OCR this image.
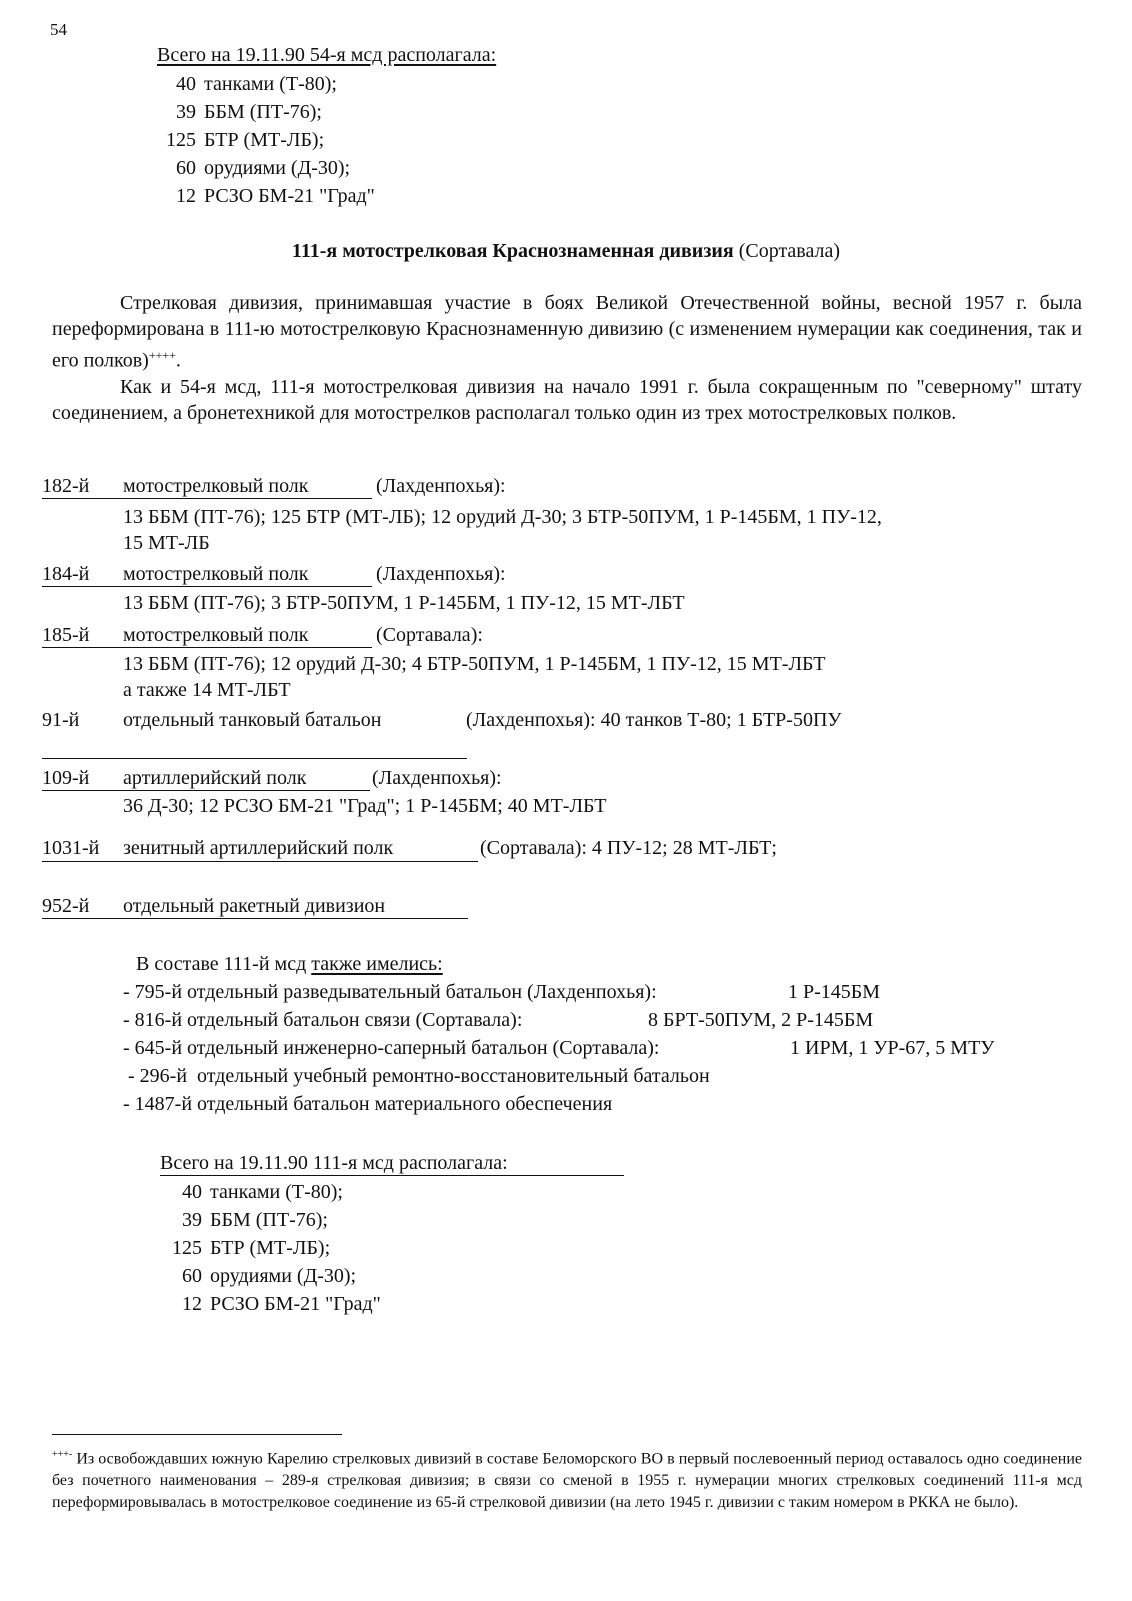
54
Всего на 19.11.90 54-я мсд располагала:
40 танками (Т-80);
39 ББМ (ПТ-76);
125 БТР (МТ-ЛБ);
60 орудиями (Д-30);
12 РСЗО БМ-21 "Град"
111-я мотострелковая Краснознаменная дивизия (Сортавала)

Стрелковая дивизия, принимавшая участие в боях Великой Отечественной войны, весной 1957 г. была переформирована в 111-ю мотострелковую Краснознаменную дивизию (с изменением нумерации как соединения, так и его полков)++++.

Как и 54-я мсд, 111-я мотострелковая дивизия на начало 1991 г. была сокращенным по "северному" штату соединением, а бронетехникой для мотострелков располагал только один из трех мотострелковых полков.

182-й мотострелковый полк	(Лахденпохья):
13 ББМ (ПТ-76); 125 БТР (МТ-ЛБ); 12 орудий Д-30; 3 БТР-50ПУМ, 1 Р-145БМ, 1 ПУ-12,
15 МТ-ЛБ
184-й мотострелковый полк	(Лахденпохья):
13 ББМ (ПТ-76); 3 БТР-50ПУМ, 1 Р-145БМ, 1 ПУ-12, 15 МТ-ЛБТ
185-й мотострелковый полк	(Сортавала):
13 ББМ (ПТ-76); 12 орудий Д-30; 4 БТР-50ПУМ, 1 Р-145БМ, 1 ПУ-12, 15 МТ-ЛБТ
а также 14 МТ-ЛБТ
91-й отдельный танковый батальон	(Лахденпохья): 40 танков Т-80; 1 БТР-50ПУ
109-й артиллерийский полк	(Лахденпохья):
36 Д-30; 12 РСЗО БМ-21 "Град"; 1 Р-145БМ; 40 МТ-ЛБТ
1031-й зенитный артиллерийский полк	(Сортавала): 4 ПУ-12; 28 МТ-ЛБТ;
952-й отдельный ракетный дивизион
В составе 111-й мсд также имелись:
- 795-й отдельный разведывательный батальон (Лахденпохья):	1 Р-145БМ
- 816-й отдельный батальон связи (Сортавала):	8 БРТ-50ПУМ, 2 Р-145БМ
- 645-й отдельный инженерно-саперный батальон (Сортавала):	1 ИРМ, 1 УР-67, 5 МТУ
- 296-й  отдельный учебный ремонтно-восстановительный батальон
- 1487-й отдельный батальон материального обеспечения
Всего на 19.11.90 111-я мсд располагала:
40 танками (Т-80);
39 ББМ (ПТ-76);
125 БТР (МТ-ЛБ);
60 орудиями (Д-30);
12 РСЗО БМ-21 "Град"
+++- Из освобождавших южную Карелию стрелковых дивизий в составе Беломорского ВО в первый послевоенный период оставалось одно соединение без почетного наименования – 289-я стрелковая дивизия; в связи со сменой в 1955 г. нумерации многих стрелковых соединений 111-я мсд переформировывалась в мотострелковое соединение из 65-й стрелковой дивизии (на лето 1945 г. дивизии с таким номером в РККА не было).
